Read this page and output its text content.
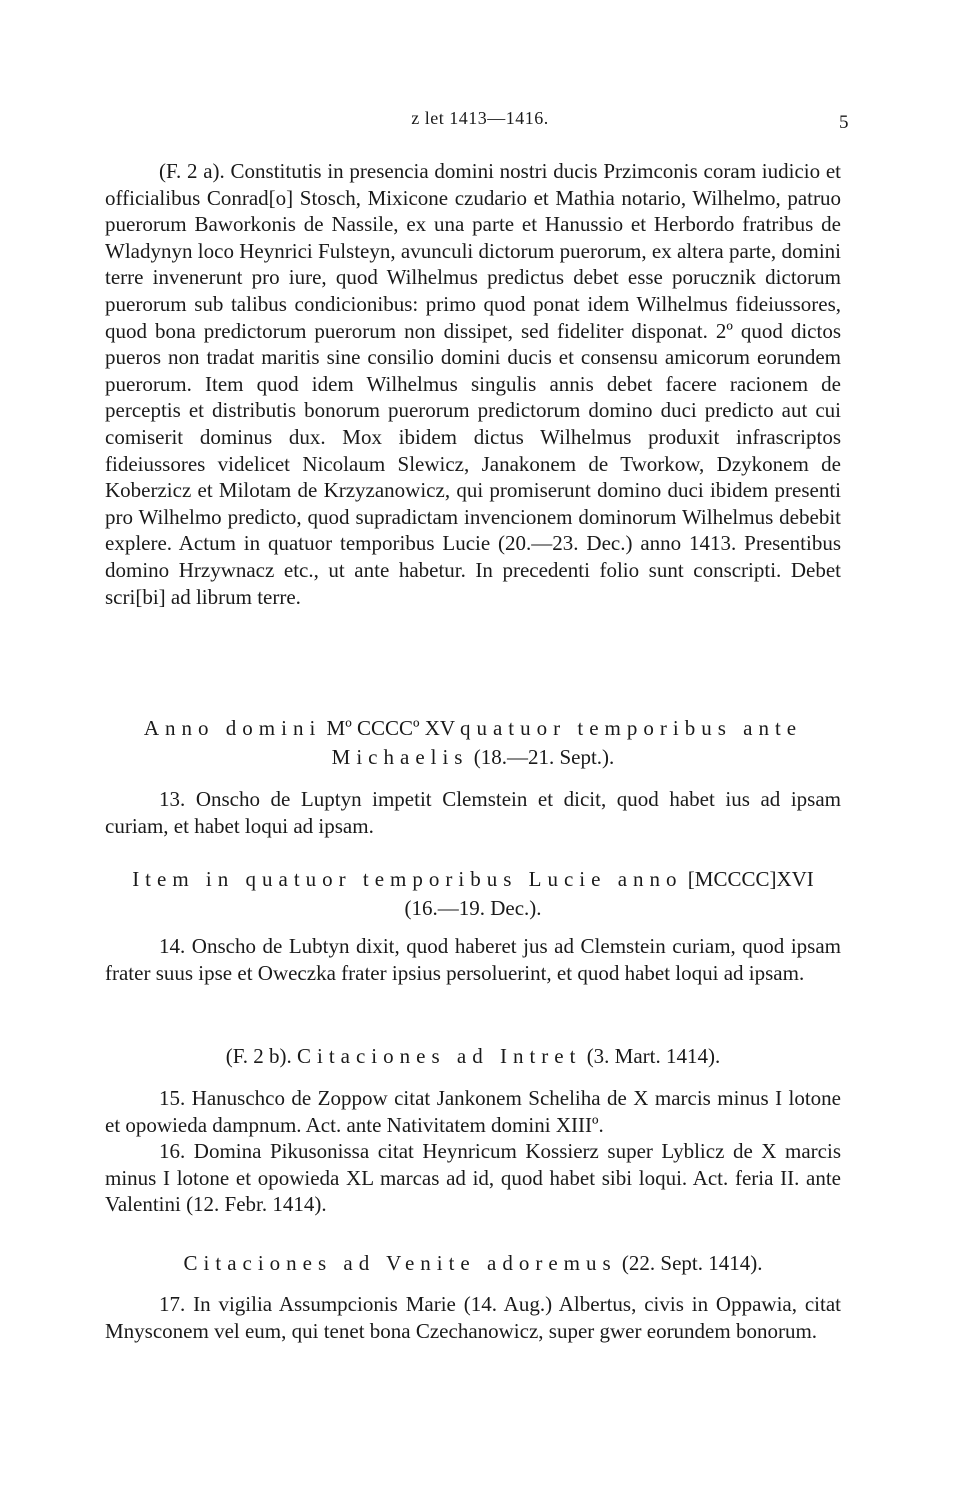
z let 1413—1416.	5

(F. 2 a). Constitutis in presencia domini nostri ducis Przimconis coram iudicio et officialibus Conrad[o] Stosch, Mixicone czudario et Mathia notario, Wilhelmo, patruo puerorum Baworkonis de Nassile, ex una parte et Hanussio et Herbordo fratribus de Wladynyn loco Heynrici Fulsteyn, avunculi dictorum puerorum, ex altera parte, domini terre invenerunt pro iure, quod Wilhelmus predictus debet esse porucznik dictorum puerorum sub talibus condicionibus: primo quod ponat idem Wilhelmus fideiussores, quod bona predictorum puerorum non dissipet, sed fideliter disponat. 2º quod dictos pueros non tradat maritis sine consilio domini ducis et consensu amicorum eorundem puerorum. Item quod idem Wilhelmus singulis annis debet facere racionem de perceptis et distributis bonorum puerorum predictorum domino duci predicto aut cui comiserit dominus dux. Mox ibidem dictus Wilhelmus produxit infrascriptos fideiussores videlicet Nicolaum Slewicz, Janakonem de Tworkow, Dzykonem de Koberzicz et Milotam de Krzyzanowicz, qui promiserunt domino duci ibidem presenti pro Wilhelmo predicto, quod supradictam invencionem dominorum Wilhelmus debebit explere. Actum in quatuor temporibus Lucie (20.—23. Dec.) anno 1413. Presentibus domino Hrzywnacz etc., ut ante habetur. In precedenti folio sunt conscripti. Debet scri[bi] ad librum terre.

Anno domini Mº CCCCº XV quatuor temporibus ante
Michaelis (18.—21. Sept.).

13. Onscho de Luptyn impetit Clemstein et dicit, quod habet ius ad ipsam curiam, et habet loqui ad ipsam.

Item in quatuor temporibus Lucie anno [MCCCC]XVI
(16.—19. Dec.).

14. Onscho de Lubtyn dixit, quod haberet jus ad Clemstein curiam, quod ipsam frater suus ipse et Oweczka frater ipsius persoluerint, et quod habet loqui ad ipsam.

(F. 2 b). Citaciones ad Intret (3. Mart. 1414).

15. Hanuschco de Zoppow citat Jankonem Scheliha de X marcis minus I lotone et opowieda dampnum. Act. ante Nativitatem domini XIIIº.

16. Domina Pikusonissa citat Heynricum Kossierz super Lyblicz de X marcis minus I lotone et opowieda XL marcas ad id, quod habet sibi loqui. Act. feria II. ante Valentini (12. Febr. 1414).

Citaciones ad Venite adoremus (22. Sept. 1414).

17. In vigilia Assumpcionis Marie (14. Aug.) Albertus, civis in Oppawia, citat Mnysconem vel eum, qui tenet bona Czechanowicz, super gwer eorundem bonorum.
